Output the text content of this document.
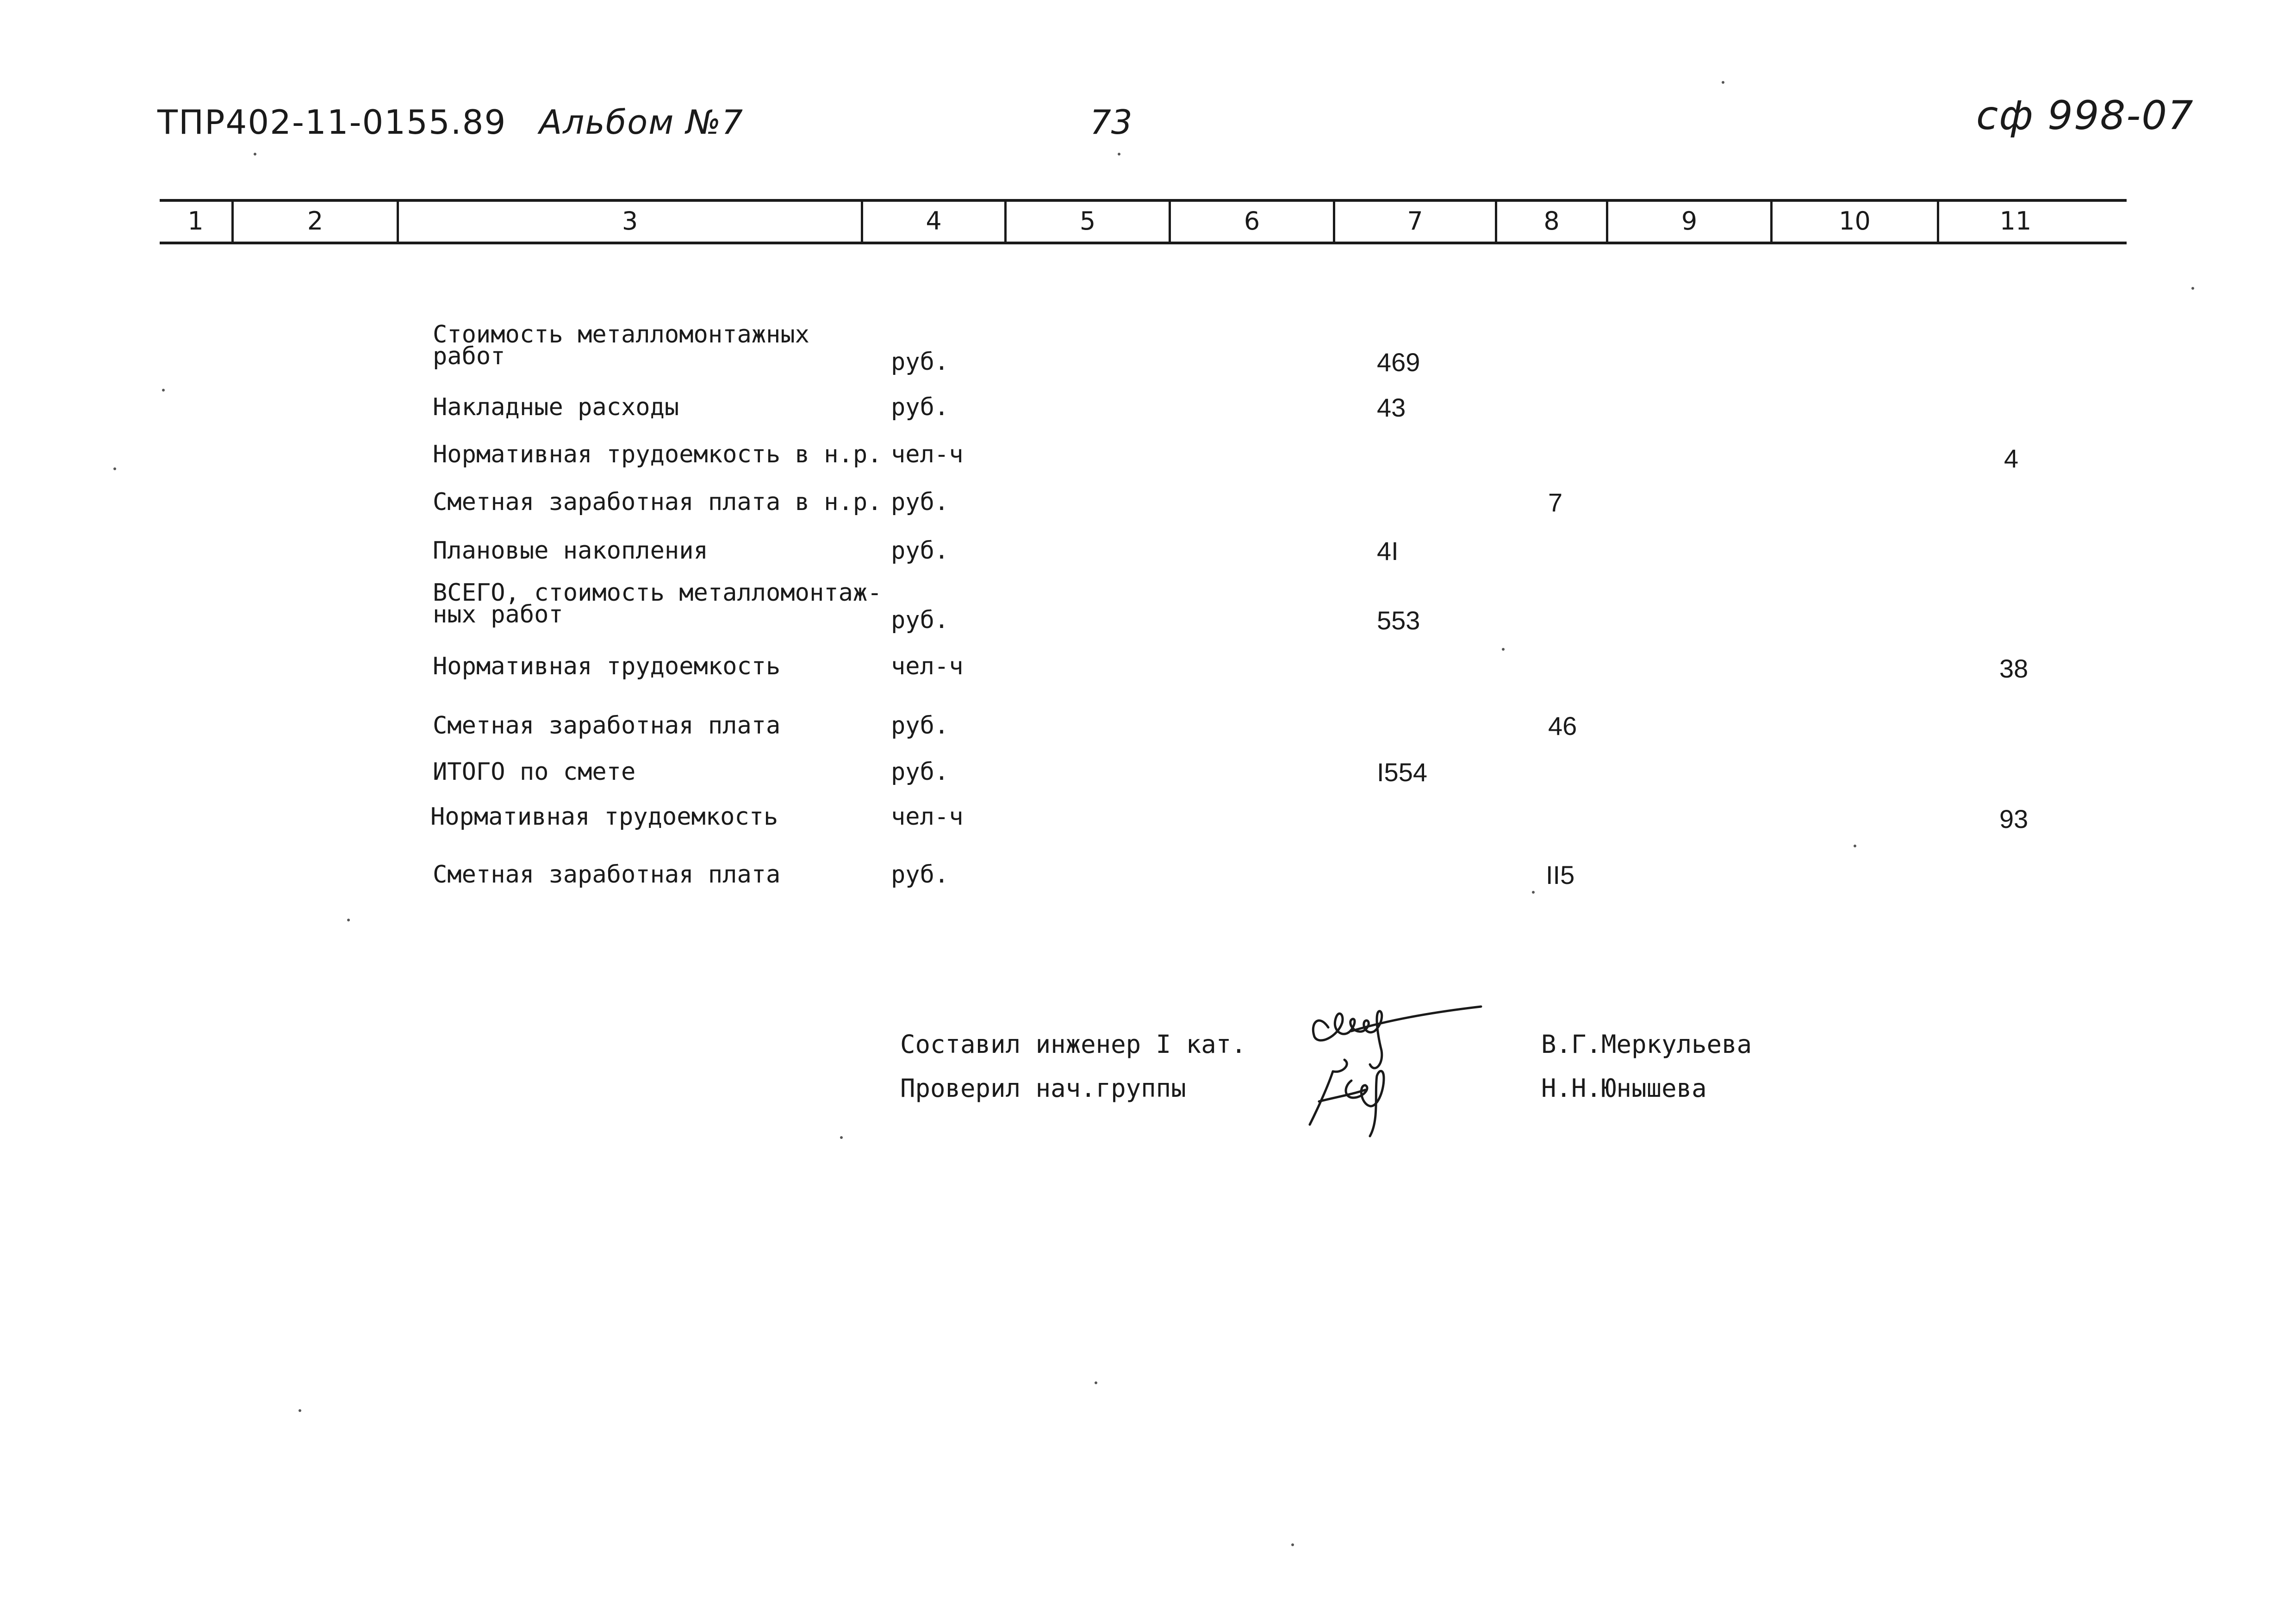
ТПР402-11-0155.89 Альбом №7	73	сф 998-07
1	2	3	4	5	6	7	8	9	10	11
Стоимость металломонтажных
работ	руб.	469
Накладные расходы	руб.	43
Нормативная трудоемкость в н.р. чел-ч	4
Сметная заработная плата в н.р. руб.	7
Плановые накопления	руб.	4I
ВСЕГО, стоимость металломонтаж-
ных работ	руб.	553
Нормативная трудоемкость	чел-ч	38
Сметная заработная плата	руб.	46
ИТОГО по смете	руб.	I554
Нормативная трудоемкость	чел-ч	93
Сметная заработная плата	руб.	II5
Составил инженер I кат.
Проверил нач.группы
В.Г.Меркульева
Н.Н.Юнышева
